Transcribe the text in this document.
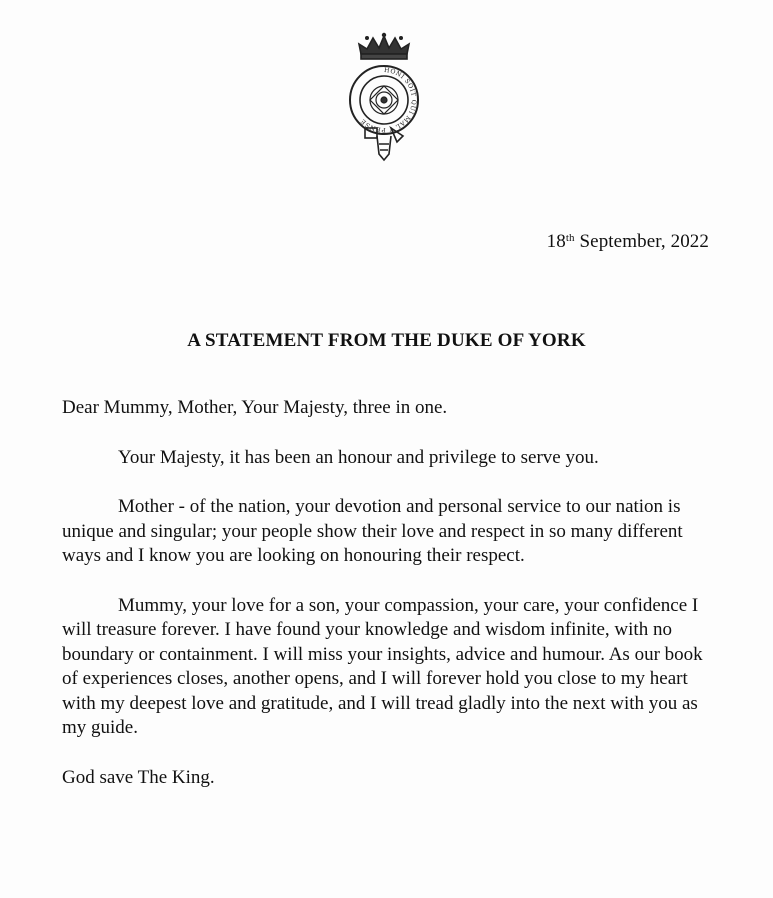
HONI SOIT QUI MAL Y PENSE
18th September, 2022
A STATEMENT FROM THE DUKE OF YORK

Dear Mummy, Mother, Your Majesty, three in one.

Your Majesty, it has been an honour and privilege to serve you.

Mother - of the nation, your devotion and personal service to our nation is unique and singular; your people show their love and respect in so many different ways and I know you are looking on honouring their respect.

Mummy, your love for a son, your compassion, your care, your confidence I will treasure forever. I have found your knowledge and wisdom infinite, with no boundary or containment. I will miss your insights, advice and humour. As our book of experiences closes, another opens, and I will forever hold you close to my heart with my deepest love and gratitude, and I will tread gladly into the next with you as my guide.

God save The King.
